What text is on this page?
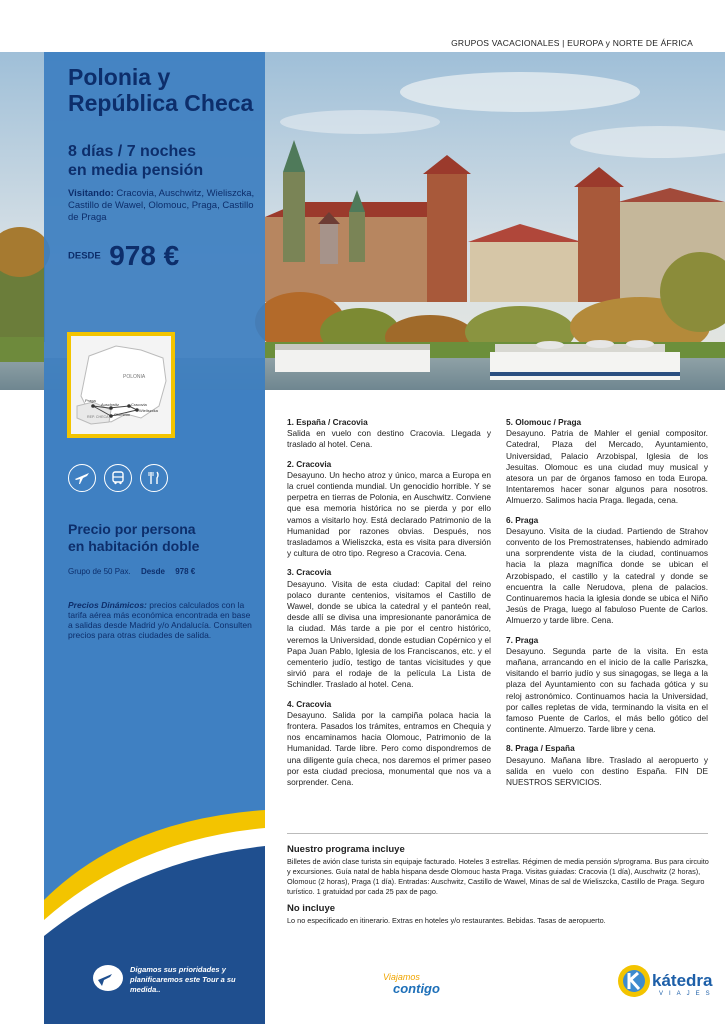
GRUPOS VACACIONALES | EUROPA y NORTE DE ÁFRICA
Polonia y
República Checa
8 días / 7 noches
en media pensión
Visitando: Cracovia, Auschwitz, Wieliszcka, Castillo de Wawel, Olomouc, Praga, Castillo de Praga
DESDE 978 €
POLONIA
Praga
Auschwitz	Cracovia
Wieliszcka
Olomouc
REP. CHECA
Precio por persona
en habitación doble
Grupo de 50 Pax. Desde 978 €
Precios Dinámicos: precios calculados con la tarifa aérea más económica encontrada en base a salidas desde Madrid y/o Andalucía. Consulten precios para otras ciudades de salida.
Digamos sus prioridades y planificaremos este Tour a su medida..
1. España / Cracovia

Salida en vuelo con destino Cracovia. Llegada y traslado al hotel. Cena.

2. Cracovia

Desayuno. Un hecho atroz y único, marca a Europa en la cruel contienda mundial. Un genocidio horrible. Y se perpetra en tierras de Polonia, en Auschwitz. Conviene que esa memoria histórica no se pierda y por ello vamos a visitarlo hoy. Está declarado Patrimonio de la Humanidad por razones obvias. Después, nos trasladamos a Wieliszcka, esta es visita para diversión y cultura de otro tipo. Regreso a Cracovia. Cena.

3. Cracovia

Desayuno. Visita de esta ciudad: Capital del reino polaco durante centenios, visitamos el Castillo de Wawel, donde se ubica la catedral y el panteón real, desde allí se divisa una impresionante panorámica de la ciudad. Más tarde a pie por el centro histórico, veremos la Universidad, donde estudian Copérnico y el Papa Juan Pablo, Iglesia de los Franciscanos, etc. y el cementerio judío, testigo de tantas vicisitudes y que sirvió para el rodaje de la película La Lista de Schindler. Traslado al hotel. Cena.

4. Cracovia

Desayuno. Salida por la campiña polaca hacia la frontera. Pasados los trámites, entramos en Chequia y nos encaminamos hacia Olomouc, Patrimonio de la Humanidad. Tarde libre. Pero como dispondremos de una diligente guía checa, nos daremos el primer paseo por esta ciudad preciosa, monumental que nos va a sorprender. Cena.

5. Olomouc / Praga

Desayuno. Patria de Mahler el genial compositor. Catedral, Plaza del Mercado, Ayuntamiento, Universidad, Palacio Arzobispal, Iglesia de los Jesuitas. Olomouc es una ciudad muy musical y atesora un par de órganos famoso en toda Europa. Intentaremos hacer sonar algunos para nosotros. Almuerzo. Salimos hacia Praga. llegada, cena.

6. Praga

Desayuno. Visita de la ciudad. Partiendo de Strahov convento de los Premostratenses, habiendo admirado una sorprendente vista de la ciudad, continuamos hacia la plaza magnífica donde se ubican el Arzobispado, el castillo y la catedral y donde se encuentra la calle Nerudova, plena de palacios. Continuaremos hacia la iglesia donde se ubica el Niño Jesús de Praga, luego al fabuloso Puente de Carlos. Almuerzo y tarde libre. Cena.

7. Praga

Desayuno. Segunda parte de la visita. En esta mañana, arrancando en el inicio de la calle Pariszka, visitando el barrio judío y sus sinagogas, se llega a la plaza del Ayuntamiento con su fachada gótica y su reloj astronómico. Continuamos hacia la Universidad, por calles repletas de vida, terminando la visita en el famoso Puente de Carlos, el más bello gótico del continente. Almuerzo. Tarde libre y cena.

8. Praga / España

Desayuno. Mañana libre. Traslado al aeropuerto y salida en vuelo con destino España. FIN DE NUESTROS SERVICIOS.

Nuestro programa incluye
Billetes de avión clase turista sin equipaje facturado. Hoteles 3 estrellas. Régimen de media pensión s/programa. Bus para circuito y excursiones. Guía natal de habla hispana desde Olomouc hasta Praga. Visitas guiadas: Cracovia (1 día), Auschwitz (2 horas), Olomouc (2 horas), Praga (1 día). Entradas: Auschwitz, Castillo de Wawel, Minas de sal de Wieliszcka, Castillo de Praga. Seguro turístico. 1 gratuidad por cada 25 pax de pago.
No incluye
Lo no especificado en itinerario. Extras en hoteles y/o restaurantes. Bebidas. Tasas de aeropuerto.
Viajamos
contigo	kátedra
VIAJES
